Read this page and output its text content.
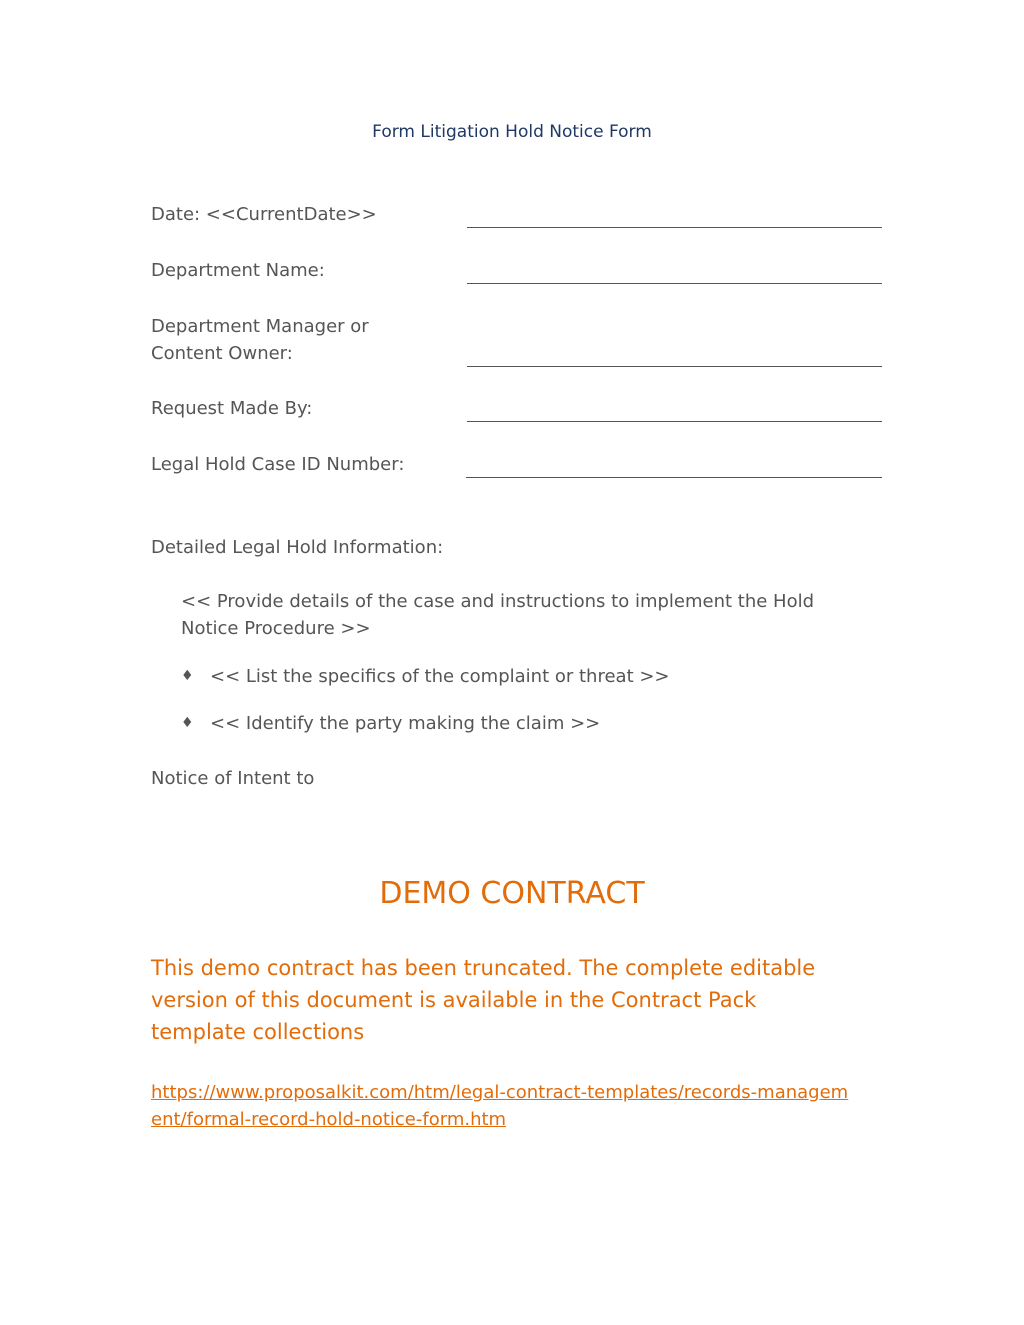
Form Litigation Hold Notice Form
Date: <<CurrentDate>>
Department Name:
Department Manager or Content Owner:
Request Made By:
Legal Hold Case ID Number:
Detailed Legal Hold Information:
<< Provide details of the case and instructions to implement the Hold Notice Procedure >>
♦ << List the specifics of the complaint or threat >>
♦ << Identify the party making the claim >>
Notice of Intent to
DEMO CONTRACT
This demo contract has been truncated. The complete editable version of this document is available in the Contract Pack template collections
https://www.proposalkit.com/htm/legal-contract-templates/records-management/formal-record-hold-notice-form.htm
